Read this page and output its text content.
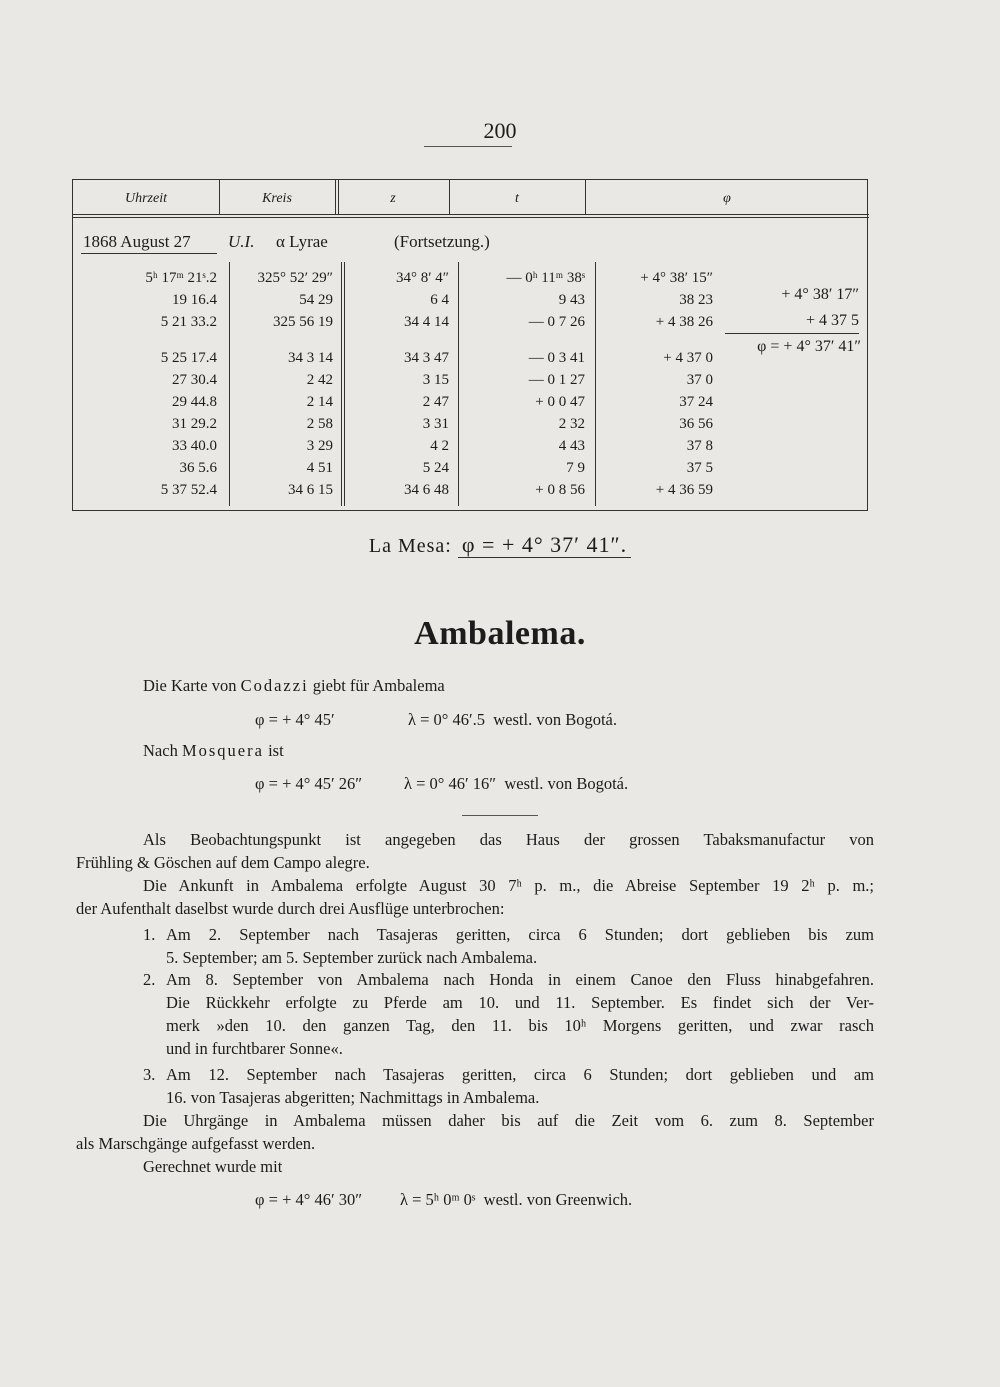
200
Uhrzeit	Kreis	z	t	φ
1868 August 27 U.I. α Lyrae	(Fortsetzung.)
5ʰ 17ᵐ 21ˢ.2	325° 52′ 29″	34° 8′ 4″	— 0ʰ 11ᵐ 38ˢ	+ 4° 38′ 15″
19 16.4	54 29	6 4	9 43	38 23
5 21 33.2	325 56 19	34 4 14	— 0 7 26	+ 4 38 26
5 25 17.4	34 3 14	34 3 47	— 0 3 41	+ 4 37 0
27 30.4	2 42	3 15	— 0 1 27	37 0
29 44.8	2 14	2 47	+ 0 0 47	37 24
31 29.2	2 58	3 31	2 32	36 56
33 40.0	3 29	4 2	4 43	37 8
36 5.6	4 51	5 24	7 9	37 5
5 37 52.4	34 6 15	34 6 48	+ 0 8 56	+ 4 36 59
+ 4° 38′ 17″
+ 4 37 5
φ = + 4° 37′ 41″
La Mesa: φ = + 4° 37′ 41″.
Ambalema.
Die Karte von Codazzi giebt für Ambalema
φ = + 4° 45′	λ = 0° 46′.5  westl. von Bogotá.
Nach Mosquera ist
φ = + 4° 45′ 26″	λ = 0° 46′ 16″  westl. von Bogotá.
Als Beobachtungspunkt ist angegeben das Haus der grossen Tabaksmanufactur von
Frühling & Göschen auf dem Campo alegre.
Die Ankunft in Ambalema erfolgte August 30 7ʰ p. m., die Abreise September 19 2ʰ p. m.;
der Aufenthalt daselbst wurde durch drei Ausflüge unterbrochen:
1. Am 2. September nach Tasajeras geritten, circa 6 Stunden; dort geblieben bis zum
5. September; am 5. September zurück nach Ambalema.
2. Am 8. September von Ambalema nach Honda in einem Canoe den Fluss hinabgefahren.
Die Rückkehr erfolgte zu Pferde am 10. und 11. September. Es findet sich der Ver-
merk »den 10. den ganzen Tag, den 11. bis 10ʰ Morgens geritten, und zwar rasch
und in furchtbarer Sonne«.
3. Am 12. September nach Tasajeras geritten, circa 6 Stunden; dort geblieben und am
16. von Tasajeras abgeritten; Nachmittags in Ambalema.
Die Uhrgänge in Ambalema müssen daher bis auf die Zeit vom 6. zum 8. September
als Marschgänge aufgefasst werden.
Gerechnet wurde mit
φ = + 4° 46′ 30″ λ = 5ʰ 0ᵐ 0ˢ  westl. von Greenwich.
